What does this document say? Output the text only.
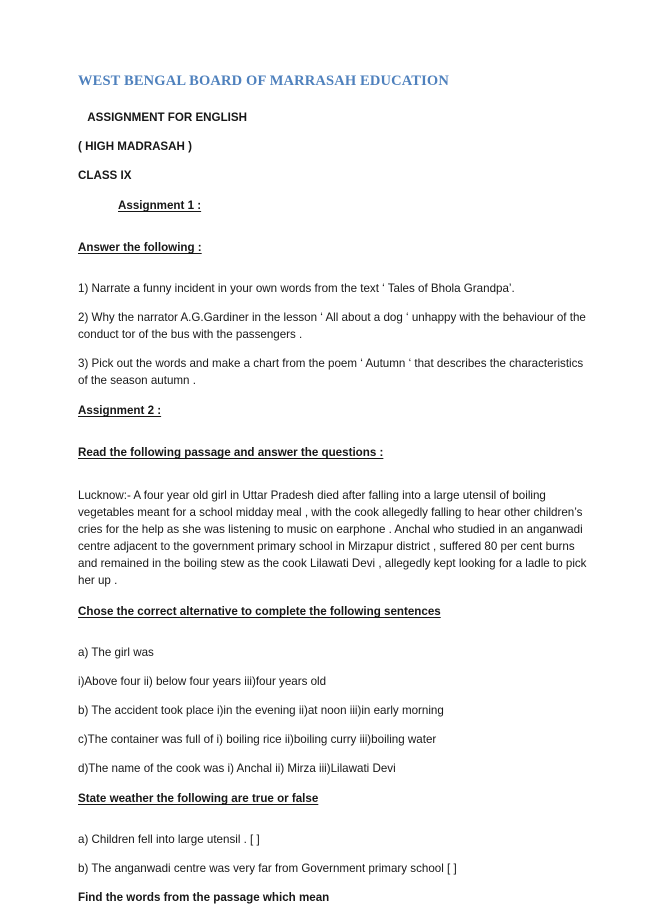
WEST BENGAL BOARD OF MARRASAH EDUCATION
ASSIGNMENT FOR ENGLISH
( HIGH MADRASAH )
CLASS IX
Assignment 1 :
Answer the following :
1) Narrate a funny incident in your own words from the text ‘ Tales of Bhola Grandpa’.
2) Why the narrator A.G.Gardiner in the lesson ‘ All about a dog ‘ unhappy with the behaviour of the conduct tor of the bus with the passengers .
3) Pick out the words and make a chart from the poem ‘ Autumn ‘ that describes the characteristics of the season autumn .
Assignment 2 :
Read the following passage and answer the questions :
Lucknow:- A four year old girl in Uttar Pradesh died after falling into a large utensil of boiling vegetables meant for a school midday meal , with the cook allegedly falling to hear other children’s cries for the help as she was listening to music on earphone . Anchal who studied in an anganwadi centre adjacent to the government primary school in Mirzapur district , suffered 80 per cent burns and remained in the boiling stew as the cook Lilawati Devi , allegedly kept looking for a ladle to pick her up .
Chose the correct alternative to complete the following sentences
a) The girl was
i)Above four ii) below four years iii)four years old
b) The accident took place i)in the evening ii)at noon iii)in early morning
c)The container was full of i) boiling rice ii)boiling curry iii)boiling water
d)The name of the cook was i) Anchal ii) Mirza iii)Lilawati Devi
State weather the following are true or false
a) Children fell into large utensil . [ ]
b) The anganwadi centre was very far from Government primary school [ ]
Find the words from the passage which mean
